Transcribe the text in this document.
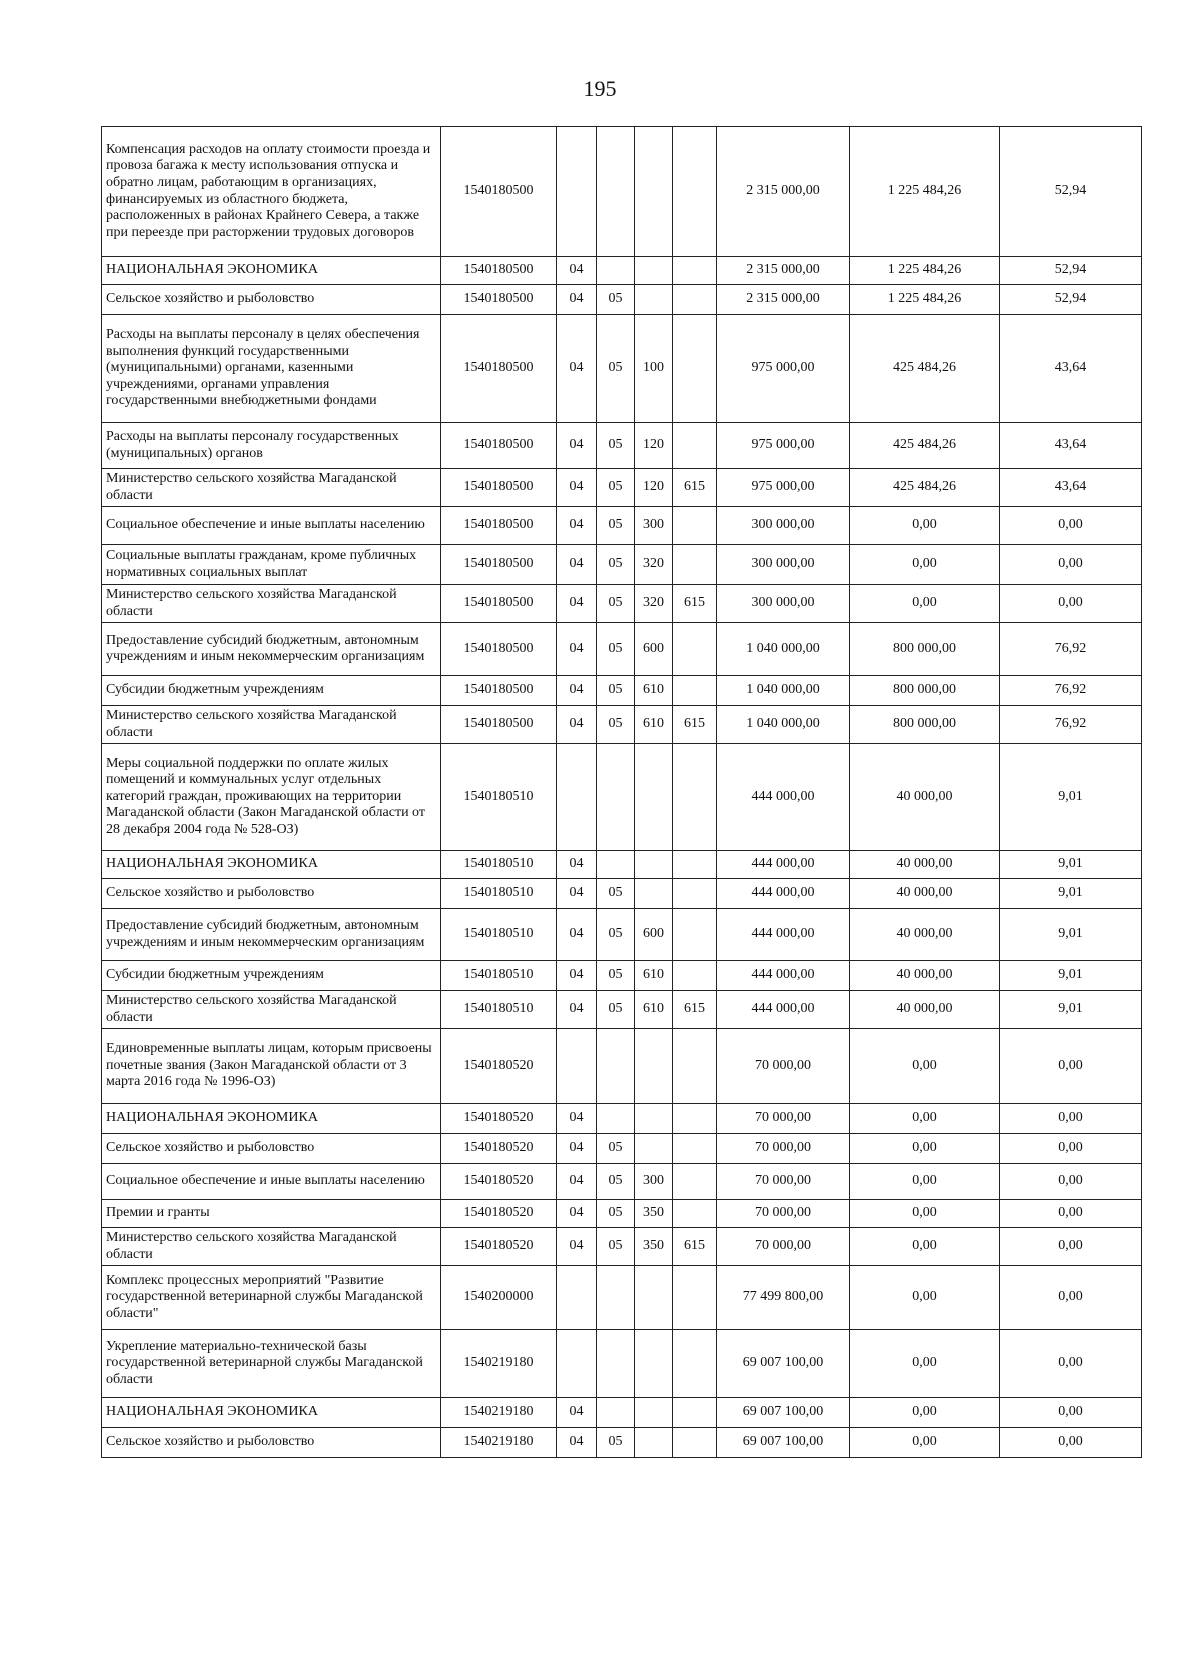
195
Компенсация расходов на оплату стоимости проезда и провоза багажа к месту использования отпуска и обратно лицам, работающим в организациях, финансируемых из областного бюджета, расположенных в районах Крайнего Севера, а также при переезде при расторжении трудовых договоров	1540180500					2 315 000,00	1 225 484,26	52,94
НАЦИОНАЛЬНАЯ ЭКОНОМИКА	1540180500	04				2 315 000,00	1 225 484,26	52,94
Сельское хозяйство и рыболовство	1540180500	04	05			2 315 000,00	1 225 484,26	52,94
Расходы на выплаты персоналу в целях обеспечения выполнения функций государственными (муниципальными) органами, казенными учреждениями, органами управления государственными внебюджетными фондами	1540180500	04	05	100		975 000,00	425 484,26	43,64
Расходы на выплаты персоналу государственных (муниципальных) органов	1540180500	04	05	120		975 000,00	425 484,26	43,64
Министерство сельского хозяйства Магаданской области	1540180500	04	05	120	615	975 000,00	425 484,26	43,64
Социальное обеспечение и иные выплаты населению	1540180500	04	05	300		300 000,00	0,00	0,00
Социальные выплаты гражданам, кроме публичных нормативных социальных выплат	1540180500	04	05	320		300 000,00	0,00	0,00
Министерство сельского хозяйства Магаданской области	1540180500	04	05	320	615	300 000,00	0,00	0,00
Предоставление субсидий бюджетным, автономным учреждениям и иным некоммерческим организациям	1540180500	04	05	600		1 040 000,00	800 000,00	76,92
Субсидии бюджетным учреждениям	1540180500	04	05	610		1 040 000,00	800 000,00	76,92
Министерство сельского хозяйства Магаданской области	1540180500	04	05	610	615	1 040 000,00	800 000,00	76,92
Меры социальной поддержки по оплате жилых помещений и коммунальных услуг отдельных категорий граждан, проживающих на территории Магаданской области (Закон Магаданской области от 28 декабря 2004 года № 528-ОЗ)	1540180510					444 000,00	40 000,00	9,01
НАЦИОНАЛЬНАЯ ЭКОНОМИКА	1540180510	04				444 000,00	40 000,00	9,01
Сельское хозяйство и рыболовство	1540180510	04	05			444 000,00	40 000,00	9,01
Предоставление субсидий бюджетным, автономным учреждениям и иным некоммерческим организациям	1540180510	04	05	600		444 000,00	40 000,00	9,01
Субсидии бюджетным учреждениям	1540180510	04	05	610		444 000,00	40 000,00	9,01
Министерство сельского хозяйства Магаданской области	1540180510	04	05	610	615	444 000,00	40 000,00	9,01
Единовременные выплаты лицам, которым присвоены почетные звания (Закон Магаданской области от 3 марта 2016 года № 1996-ОЗ)	1540180520					70 000,00	0,00	0,00
НАЦИОНАЛЬНАЯ ЭКОНОМИКА	1540180520	04				70 000,00	0,00	0,00
Сельское хозяйство и рыболовство	1540180520	04	05			70 000,00	0,00	0,00
Социальное обеспечение и иные выплаты населению	1540180520	04	05	300		70 000,00	0,00	0,00
Премии и гранты	1540180520	04	05	350		70 000,00	0,00	0,00
Министерство сельского хозяйства Магаданской области	1540180520	04	05	350	615	70 000,00	0,00	0,00
Комплекс процессных мероприятий "Развитие государственной ветеринарной службы Магаданской области"	1540200000					77 499 800,00	0,00	0,00
Укрепление материально-технической базы государственной ветеринарной службы Магаданской области	1540219180					69 007 100,00	0,00	0,00
НАЦИОНАЛЬНАЯ ЭКОНОМИКА	1540219180	04				69 007 100,00	0,00	0,00
Сельское хозяйство и рыболовство	1540219180	04	05			69 007 100,00	0,00	0,00
